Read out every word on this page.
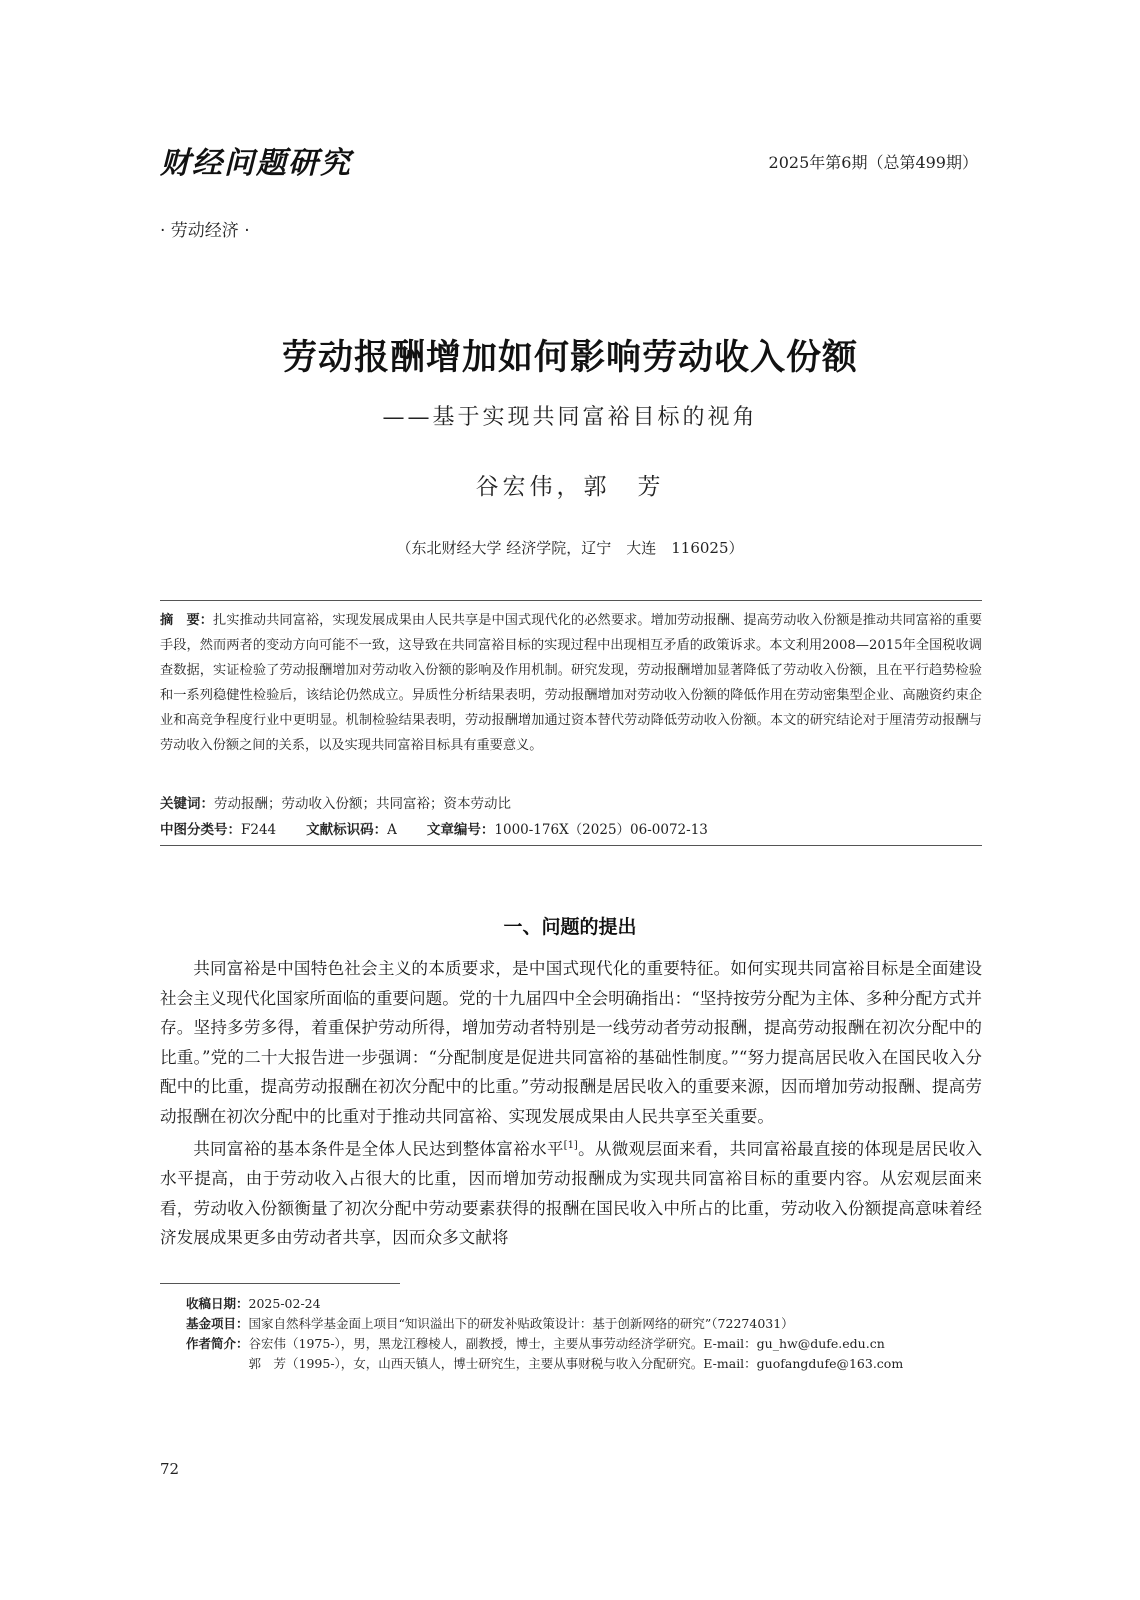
财经问题研究	2025年第6期（总第499期）
· 劳动经济 ·
劳动报酬增加如何影响劳动收入份额
——基于实现共同富裕目标的视角
谷宏伟，郭　芳
（东北财经大学 经济学院，辽宁　大连　116025）
摘　要：扎实推动共同富裕，实现发展成果由人民共享是中国式现代化的必然要求。增加劳动报酬、提高劳动收入份额是推动共同富裕的重要手段，然而两者的变动方向可能不一致，这导致在共同富裕目标的实现过程中出现相互矛盾的政策诉求。本文利用2008—2015年全国税收调查数据，实证检验了劳动报酬增加对劳动收入份额的影响及作用机制。研究发现，劳动报酬增加显著降低了劳动收入份额，且在平行趋势检验和一系列稳健性检验后，该结论仍然成立。异质性分析结果表明，劳动报酬增加对劳动收入份额的降低作用在劳动密集型企业、高融资约束企业和高竞争程度行业中更明显。机制检验结果表明，劳动报酬增加通过资本替代劳动降低劳动收入份额。本文的研究结论对于厘清劳动报酬与劳动收入份额之间的关系，以及实现共同富裕目标具有重要意义。
关键词：劳动报酬；劳动收入份额；共同富裕；资本劳动比
中图分类号：F244 文献标识码：A 文章编号：1000-176X（2025）06-0072-13
一、问题的提出

共同富裕是中国特色社会主义的本质要求，是中国式现代化的重要特征。如何实现共同富裕目标是全面建设社会主义现代化国家所面临的重要问题。党的十九届四中全会明确指出：“坚持按劳分配为主体、多种分配方式并存。坚持多劳多得，着重保护劳动所得，增加劳动者特别是一线劳动者劳动报酬，提高劳动报酬在初次分配中的比重。”党的二十大报告进一步强调：“分配制度是促进共同富裕的基础性制度。”“努力提高居民收入在国民收入分配中的比重，提高劳动报酬在初次分配中的比重。”劳动报酬是居民收入的重要来源，因而增加劳动报酬、提高劳动报酬在初次分配中的比重对于推动共同富裕、实现发展成果由人民共享至关重要。

共同富裕的基本条件是全体人民达到整体富裕水平[1]。从微观层面来看，共同富裕最直接的体现是居民收入水平提高，由于劳动收入占很大的比重，因而增加劳动报酬成为实现共同富裕目标的重要内容。从宏观层面来看，劳动收入份额衡量了初次分配中劳动要素获得的报酬在国民收入中所占的比重，劳动收入份额提高意味着经济发展成果更多由劳动者共享，因而众多文献将

收稿日期： 2025-02-24
基金项目： 国家自然科学基金面上项目“知识溢出下的研发补贴政策设计：基于创新网络的研究”（72274031）
作者简介： 谷宏伟（1975-），男，黑龙江穆棱人，副教授，博士，主要从事劳动经济学研究。E-mail：gu_hw@dufe.edu.cn
郭　芳（1995-），女，山西天镇人，博士研究生，主要从事财税与收入分配研究。E-mail：guofangdufe@163.com
72
